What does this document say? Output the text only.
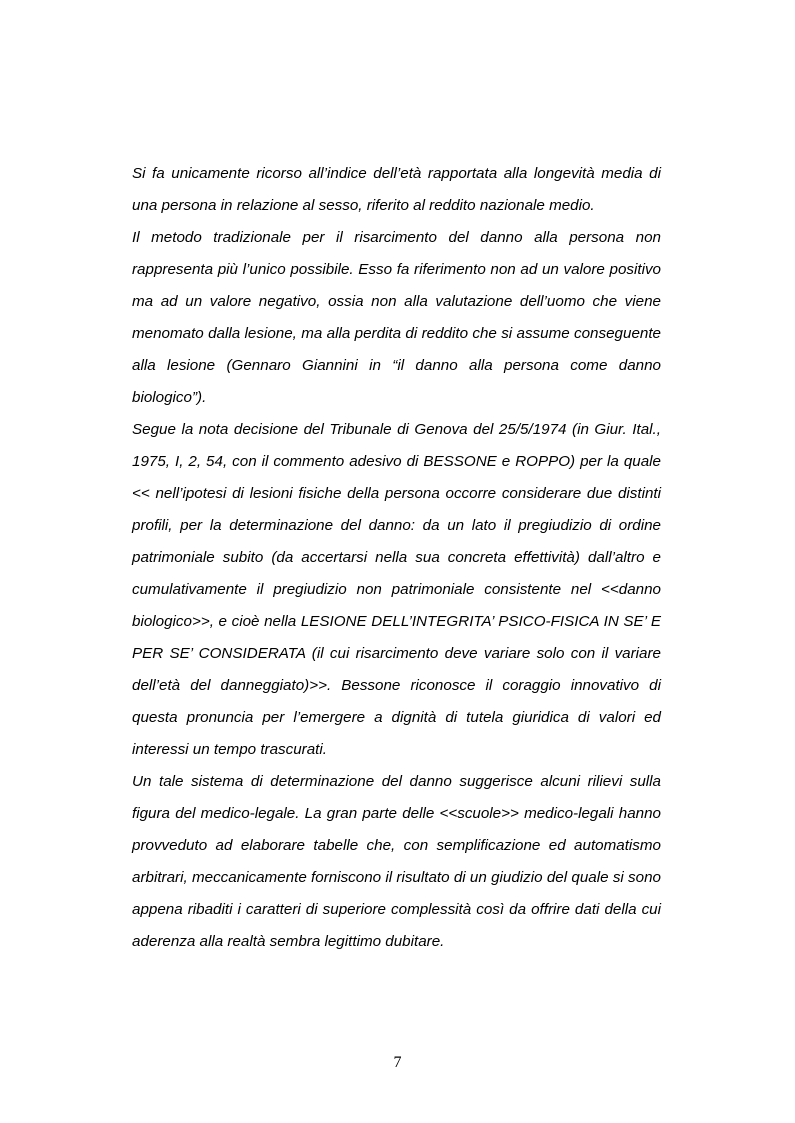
Si fa unicamente ricorso all’indice dell’età rapportata alla longevità media di una persona in relazione al sesso, riferito al reddito nazionale medio.

Il metodo tradizionale per il risarcimento del danno alla persona non rappresenta più l’unico possibile. Esso fa riferimento non ad un valore positivo ma ad un valore negativo, ossia non alla valutazione dell’uomo che viene menomato dalla lesione, ma alla perdita di reddito che si assume conseguente alla lesione (Gennaro Giannini in “il danno alla persona come danno biologico”).

Segue la nota decisione del Tribunale di Genova del 25/5/1974 (in Giur. Ital., 1975, I, 2, 54, con il commento adesivo di BESSONE e ROPPO) per la quale << nell’ipotesi di lesioni fisiche della persona occorre considerare due distinti profili, per la determinazione del danno: da un lato il pregiudizio di ordine patrimoniale subito (da accertarsi nella sua concreta effettività) dall’altro e cumulativamente il pregiudizio non patrimoniale consistente nel <<danno biologico>>, e cioè nella LESIONE DELL’INTEGRITA’ PSICO-FISICA IN SE’ E PER SE’ CONSIDERATA (il cui risarcimento deve variare solo con il variare dell’età del danneggiato)>>. Bessone riconosce il coraggio innovativo di questa pronuncia per l’emergere a dignità di tutela giuridica di valori ed interessi un tempo trascurati.

Un tale sistema di determinazione del danno suggerisce alcuni rilievi sulla figura del medico-legale. La gran parte delle <<scuole>> medico-legali hanno provveduto ad elaborare tabelle che, con semplificazione ed automatismo arbitrari, meccanicamente forniscono il risultato di un giudizio del quale si sono appena ribaditi i caratteri di superiore complessità così da offrire dati della cui aderenza alla realtà sembra legittimo dubitare.

7
